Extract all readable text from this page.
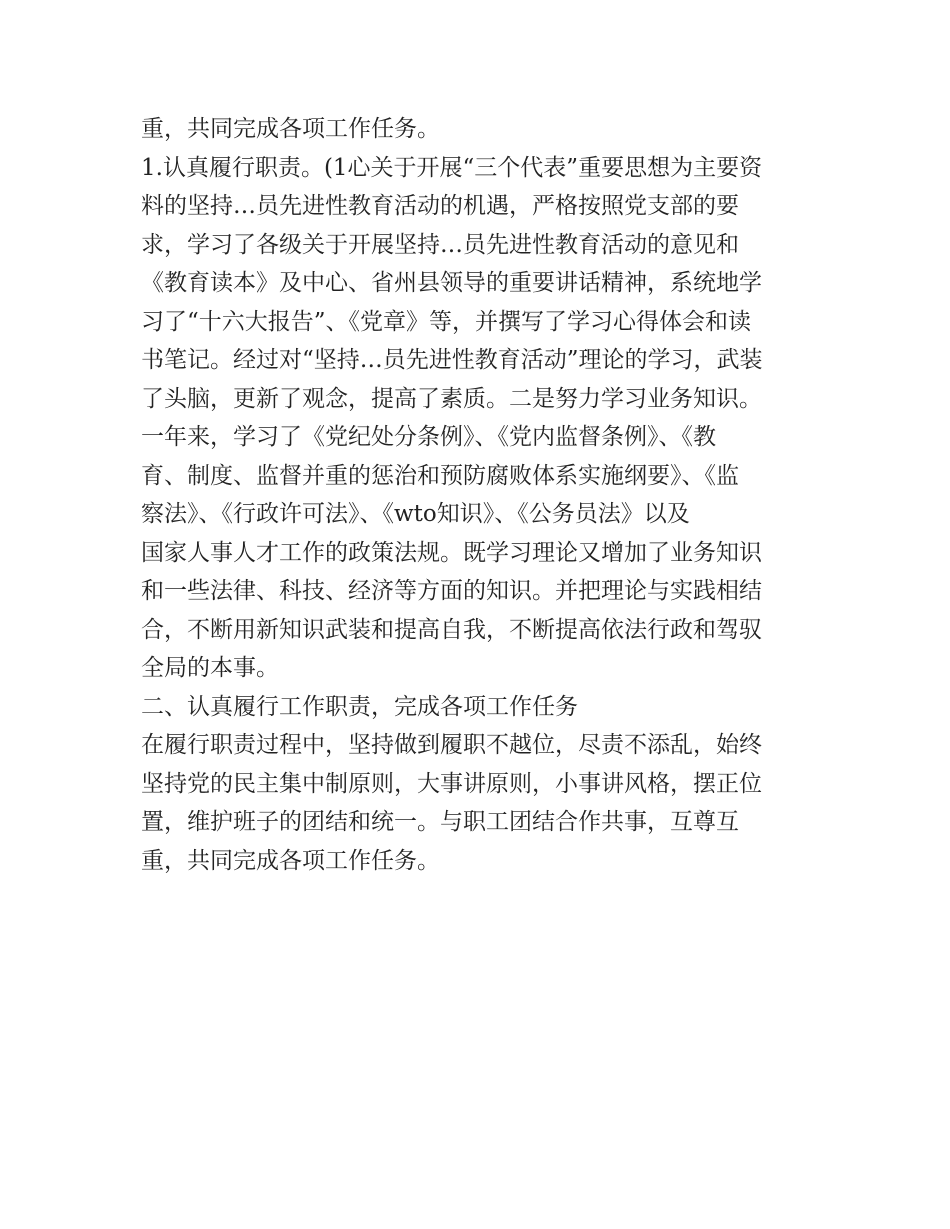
重，共同完成各项工作任务。
1.认真履行职责。(1心关于开展“三个代表”重要思想为主要资
料的坚持…员先进性教育活动的机遇，严格按照党支部的要
求，学习了各级关于开展坚持…员先进性教育活动的意见和
《教育读本》及中心、省州县领导的重要讲话精神，系统地学
习了“十六大报告”、《党章》等，并撰写了学习心得体会和读
书笔记。经过对“坚持…员先进性教育活动”理论的学习，武装
了头脑，更新了观念，提高了素质。二是努力学习业务知识。
一年来，学习了《党纪处分条例》、《党内监督条例》、《教
育、制度、监督并重的惩治和预防腐败体系实施纲要》、《监
察法》、《行政许可法》、《wto知识》、《公务员法》以及
国家人事人才工作的政策法规。既学习理论又增加了业务知识
和一些法律、科技、经济等方面的知识。并把理论与实践相结
合，不断用新知识武装和提高自我，不断提高依法行政和驾驭
全局的本事。
二、认真履行工作职责，完成各项工作任务
在履行职责过程中，坚持做到履职不越位，尽责不添乱，始终
坚持党的民主集中制原则，大事讲原则，小事讲风格，摆正位
置，维护班子的团结和统一。与职工团结合作共事，互尊互
重，共同完成各项工作任务。
